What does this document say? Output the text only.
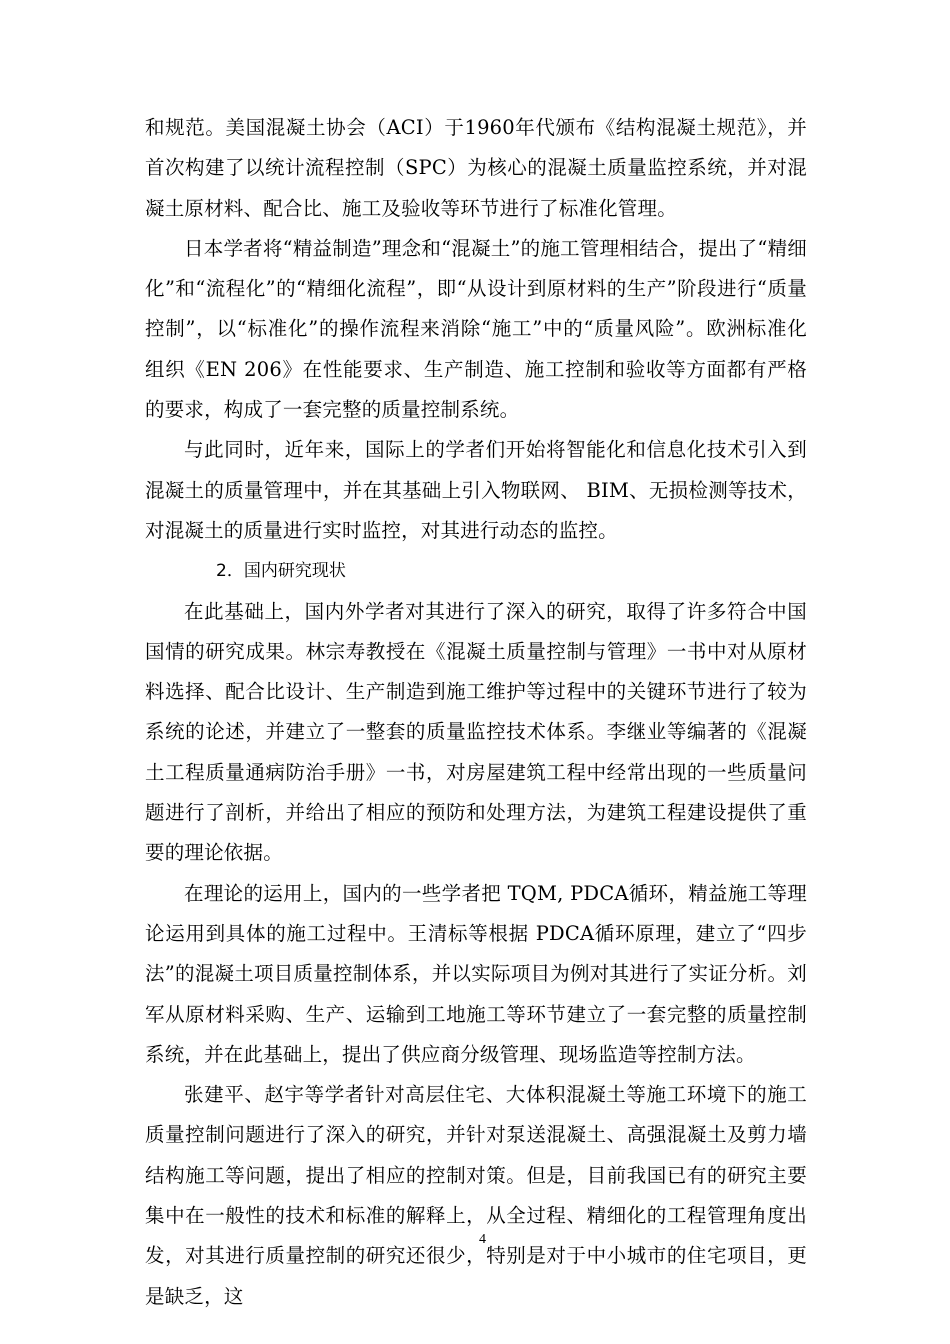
和规范。美国混凝土协会（ACI）于1960年代颁布《结构混凝土规范》，并首次构建了以统计流程控制（SPC）为核心的混凝土质量监控系统，并对混凝土原材料、配合比、施工及验收等环节进行了标准化管理。

日本学者将“精益制造”理念和“混凝土”的施工管理相结合，提出了“精细化”和“流程化”的“精细化流程”，即“从设计到原材料的生产”阶段进行“质量控制”，以“标准化”的操作流程来消除“施工”中的“质量风险”。欧洲标准化组织《EN 206》在性能要求、生产制造、施工控制和验收等方面都有严格的要求，构成了一套完整的质量控制系统。

与此同时，近年来，国际上的学者们开始将智能化和信息化技术引入到混凝土的质量管理中，并在其基础上引入物联网、 BIM、无损检测等技术，对混凝土的质量进行实时监控，对其进行动态的监控。

2．国内研究现状

在此基础上，国内外学者对其进行了深入的研究，取得了许多符合中国国情的研究成果。林宗寿教授在《混凝土质量控制与管理》一书中对从原材料选择、配合比设计、生产制造到施工维护等过程中的关键环节进行了较为系统的论述，并建立了一整套的质量监控技术体系。李继业等编著的《混凝土工程质量通病防治手册》一书，对房屋建筑工程中经常出现的一些质量问题进行了剖析，并给出了相应的预防和处理方法，为建筑工程建设提供了重要的理论依据。

在理论的运用上，国内的一些学者把 TQM, PDCA循环，精益施工等理论运用到具体的施工过程中。王清标等根据 PDCA循环原理，建立了“四步法”的混凝土项目质量控制体系，并以实际项目为例对其进行了实证分析。刘军从原材料采购、生产、运输到工地施工等环节建立了一套完整的质量控制系统，并在此基础上，提出了供应商分级管理、现场监造等控制方法。

张建平、赵宇等学者针对高层住宅、大体积混凝土等施工环境下的施工质量控制问题进行了深入的研究，并针对泵送混凝土、高强混凝土及剪力墙结构施工等问题，提出了相应的控制对策。但是，目前我国已有的研究主要集中在一般性的技术和标准的解释上，从全过程、精细化的工程管理角度出发，对其进行质量控制的研究还很少，特别是对于中小城市的住宅项目，更是缺乏，这

4
